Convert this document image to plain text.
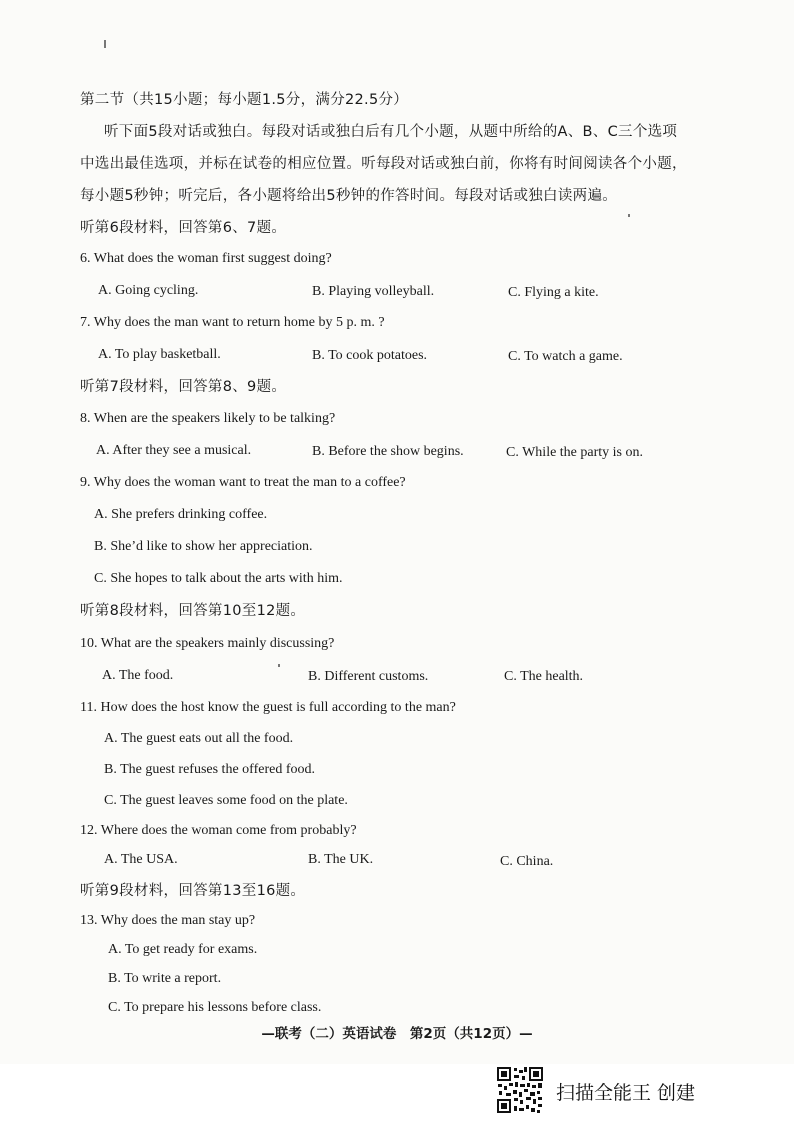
第二节（共15小题；每小题1.5分，满分22.5分）
听下面5段对话或独白。每段对话或独白后有几个小题，从题中所给的A、B、C三个选项
中选出最佳选项，并标在试卷的相应位置。听每段对话或独白前，你将有时间阅读各个小题，
每小题5秒钟；听完后，各小题将给出5秒钟的作答时间。每段对话或独白读两遍。
听第6段材料，回答第6、7题。
6. What does the woman first suggest doing?
A. Going cycling.	B. Playing volleyball.	C. Flying a kite.
7. Why does the man want to return home by 5 p. m. ?
A. To play basketball.	B. To cook potatoes.	C. To watch a game.
听第7段材料，回答第8、9题。
8. When are the speakers likely to be talking?
A. After they see a musical.	B. Before the show begins.	C. While the party is on.
9. Why does the woman want to treat the man to a coffee?
A. She prefers drinking coffee.
B. She’d like to show her appreciation.
C. She hopes to talk about the arts with him.
听第8段材料，回答第10至12题。
10. What are the speakers mainly discussing?
A. The food.	B. Different customs.	C. The health.
11. How does the host know the guest is full according to the man?
A. The guest eats out all the food.
B. The guest refuses the offered food.
C. The guest leaves some food on the plate.
12. Where does the woman come from probably?
A. The USA.	B. The UK.	C. China.
听第9段材料，回答第13至16题。
13. Why does the man stay up?
A. To get ready for exams.
B. To write a report.
C. To prepare his lessons before class.
—联考（二）英语试卷　第2页（共12页）—
扫描全能王 创建
